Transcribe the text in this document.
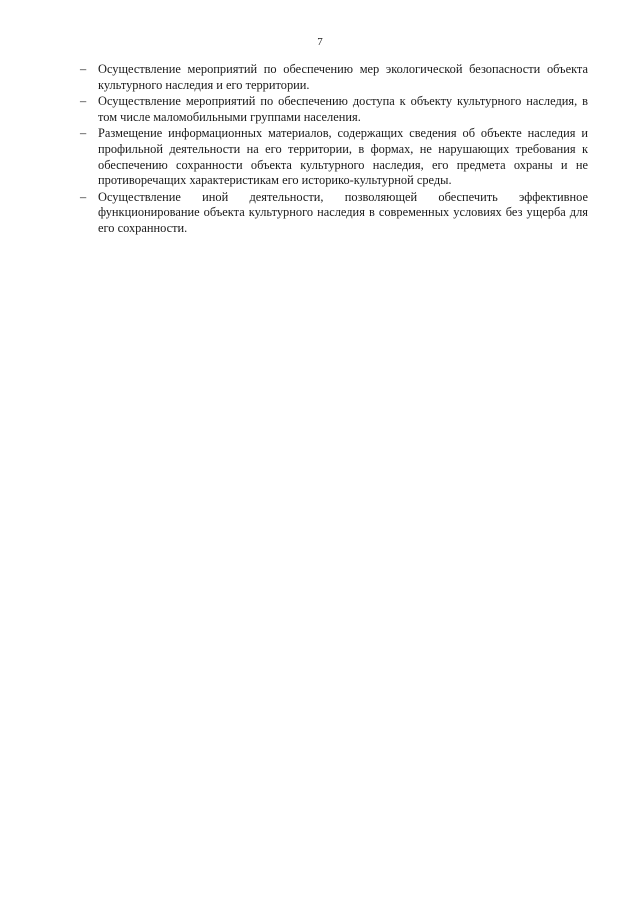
7
– Осуществление мероприятий по обеспечению мер экологической безопасности объекта культурного наследия и его территории.
– Осуществление мероприятий по обеспечению доступа к объекту культурного наследия, в том числе маломобильными группами населения.
– Размещение информационных материалов, содержащих сведения об объекте наследия и профильной деятельности на его территории, в формах, не нарушающих требования к обеспечению сохранности объекта культурного наследия, его предмета охраны и не противоречащих характеристикам его историко-культурной среды.
– Осуществление иной деятельности, позволяющей обеспечить эффективное функционирование объекта культурного наследия в современных условиях без ущерба для его сохранности.
